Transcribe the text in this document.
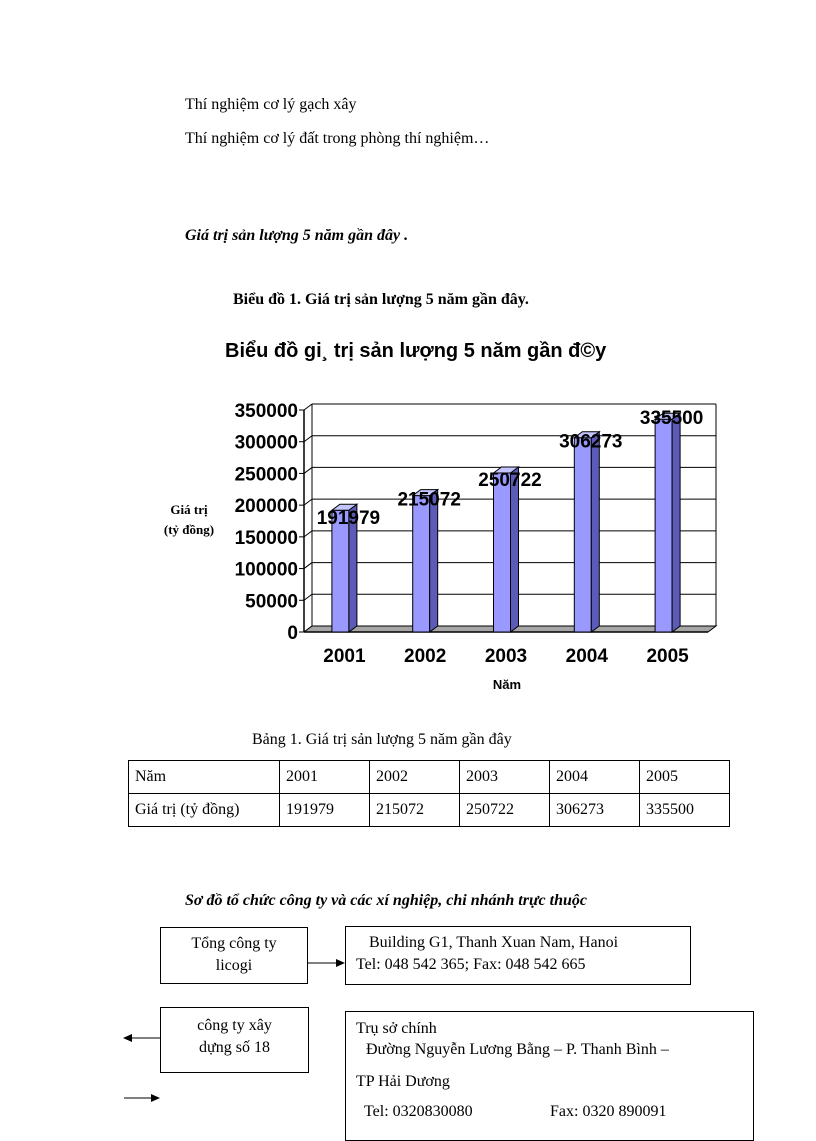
Thí nghiệm cơ lý gạch xây
Thí nghiệm cơ lý đất trong phòng thí nghiệm…
Giá trị sản lượng 5 năm gần đây .
Biểu đồ 1. Giá trị sản lượng 5 năm gần đây.
Biểu đồ gi¸ trị sản lượng 5 năm gần đ©y
Giá trị
(tỷ đồng)
0
50000
100000
150000
200000
250000
300000
350000
191979
2001
215072
2002
250722
2003
306273
2004
335500
2005
Năm
Bảng 1. Giá trị sản lượng 5 năm gần đây
Năm	2001	2002	2003	2004	2005
Giá trị (tỷ đồng)	191979	215072	250722	306273	335500
Sơ đồ tổ chức công ty và các xí nghiệp, chi nhánh trực thuộc
Tổng công ty
licogi
Building G1, Thanh Xuan Nam, Hanoi
Tel: 048 542 365; Fax: 048 542 665
công ty xây
dựng số 18
Trụ sở chính
Đường Nguyễn Lương Bằng – P. Thanh Bình –
TP Hải Dương
Tel: 0320830080	Fax: 0320 890091
